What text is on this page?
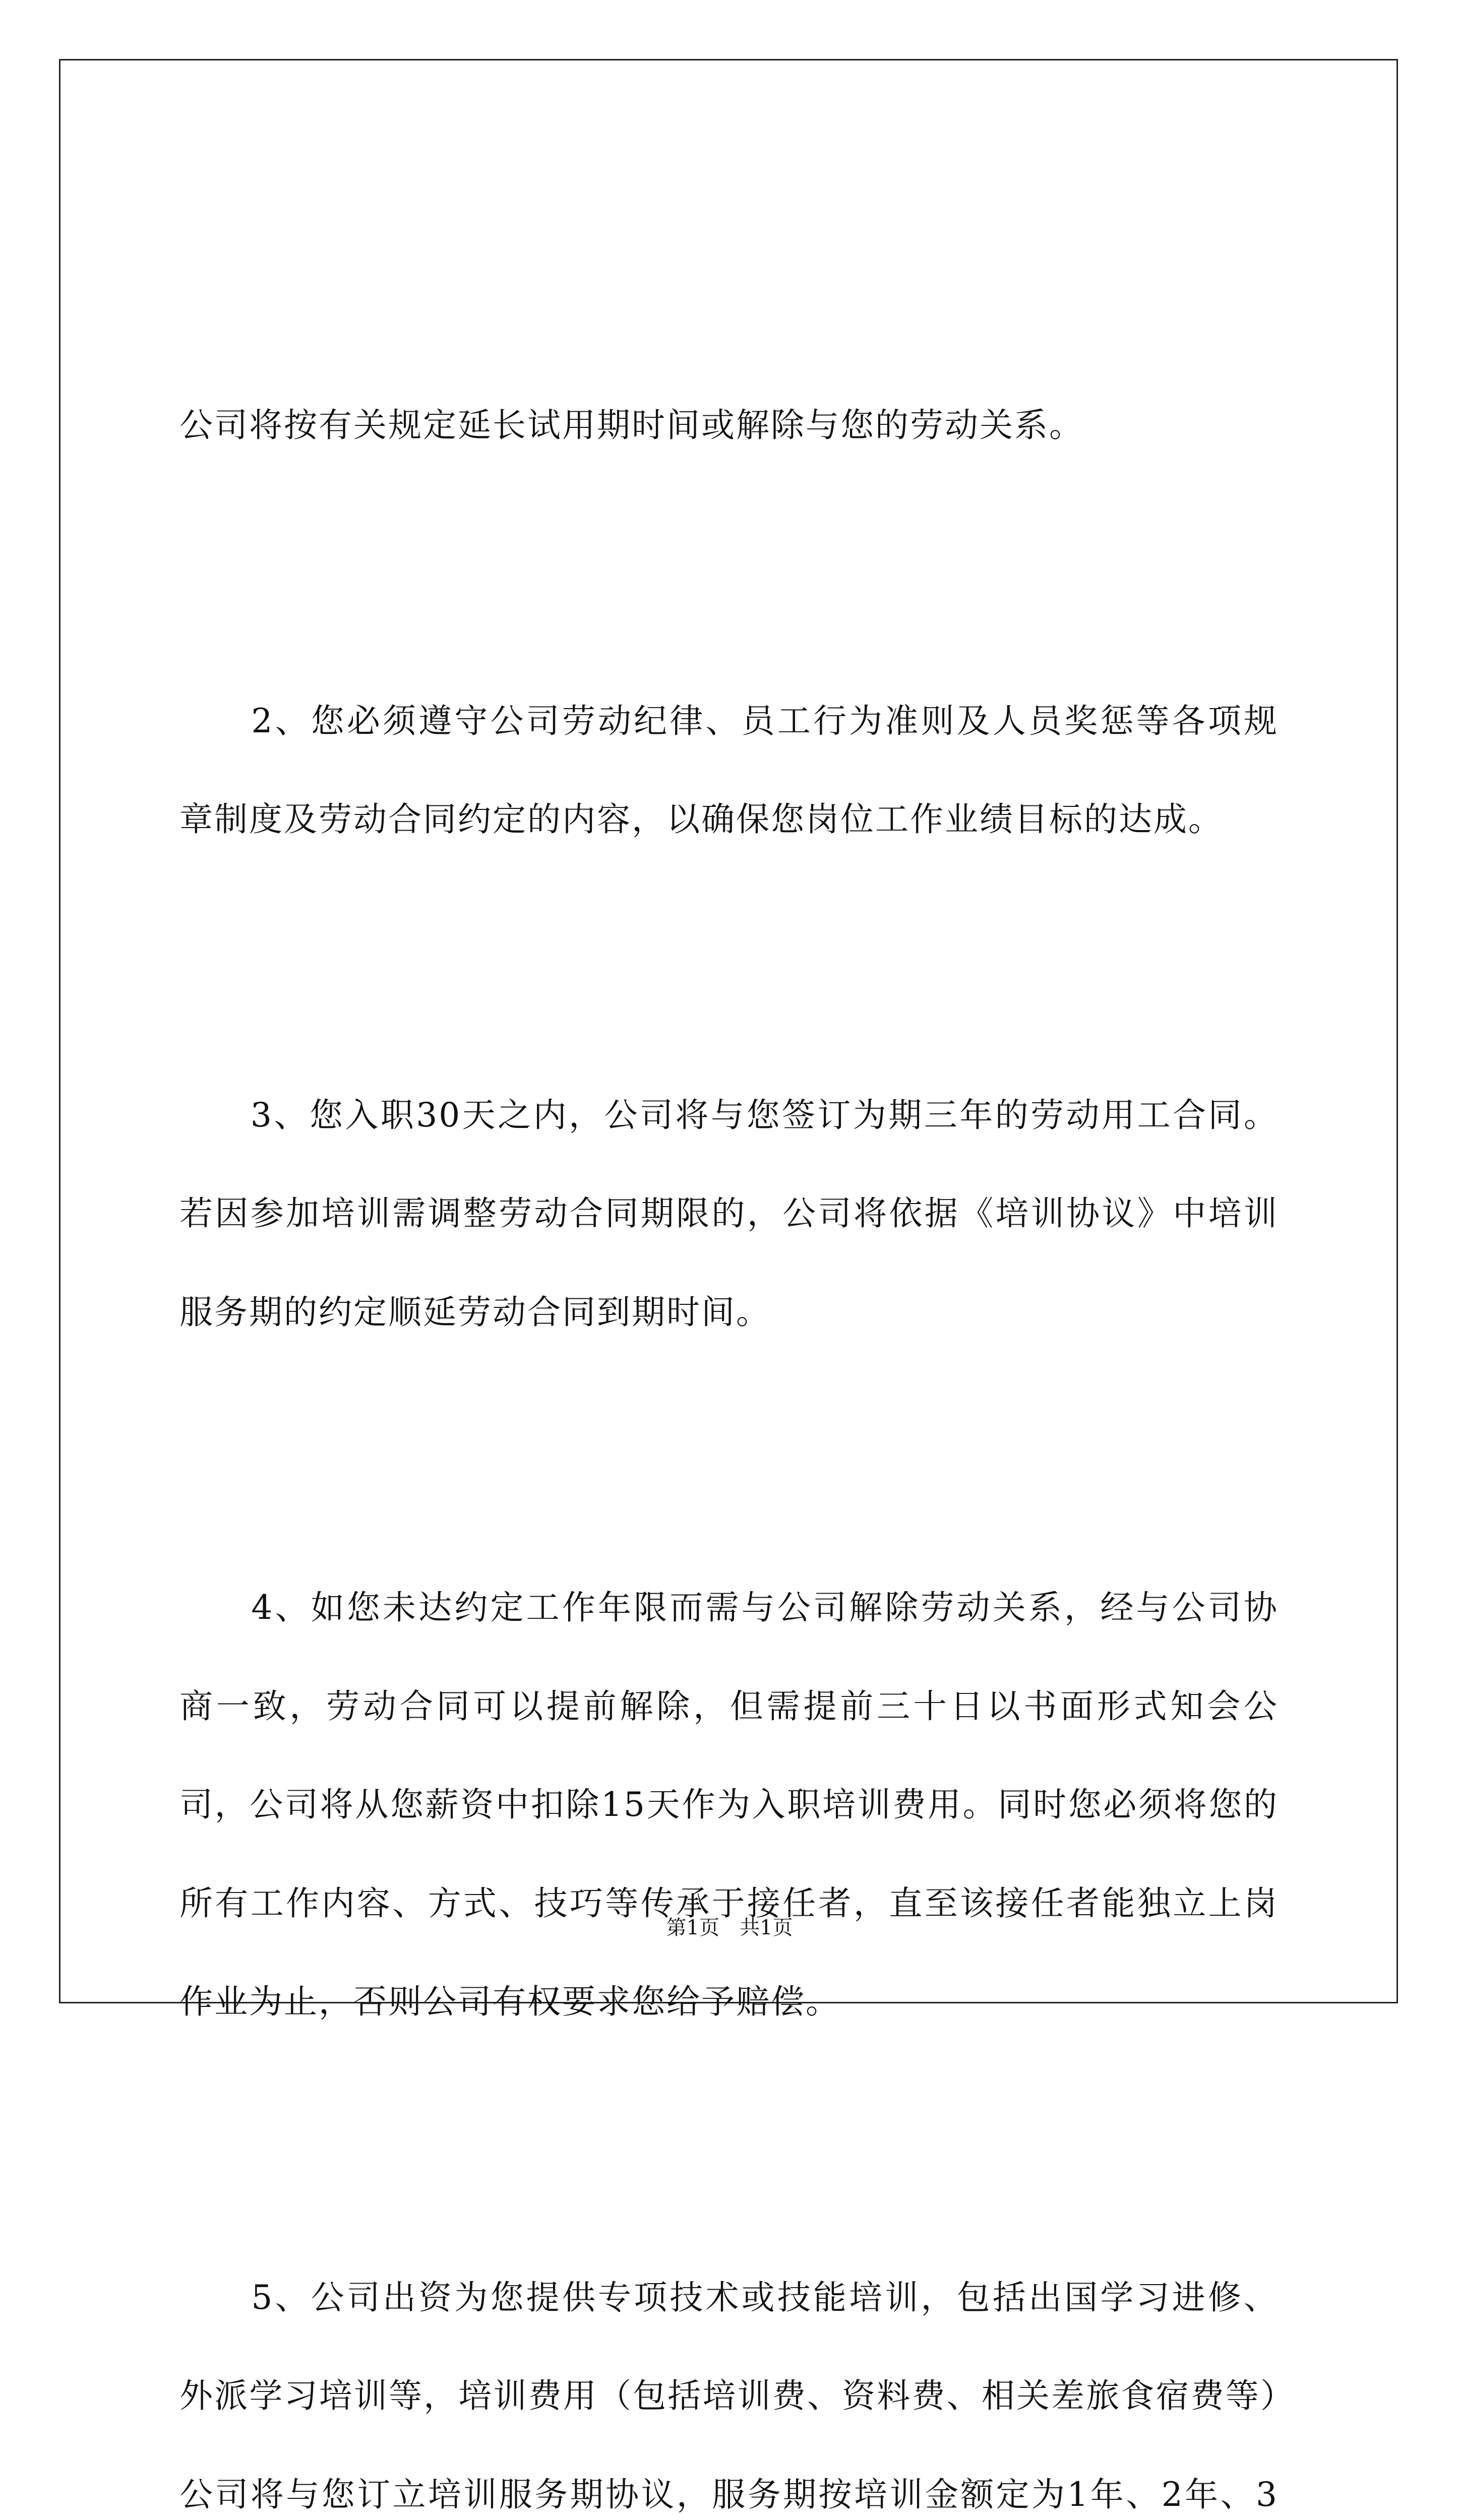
公司将按有关规定延长试用期时间或解除与您的劳动关系。

　　2、您必须遵守公司劳动纪律、员工行为准则及人员奖惩等各项规章制度及劳动合同约定的内容，以确保您岗位工作业绩目标的达成。

　　3、您入职30天之内，公司将与您签订为期三年的劳动用工合同。若因参加培训需调整劳动合同期限的，公司将依据《培训协议》中培训服务期的约定顺延劳动合同到期时间。

　　4、如您未达约定工作年限而需与公司解除劳动关系，经与公司协商一致，劳动合同可以提前解除，但需提前三十日以书面形式知会公司，公司将从您薪资中扣除15天作为入职培训费用。同时您必须将您的所有工作内容、方式、技巧等传承于接任者，直至该接任者能独立上岗作业为止，否则公司有权要求您给予赔偿。

　　5、公司出资为您提供专项技术或技能培训，包括出国学习进修、外派学习培训等，培训费用（包括培训费、资料费、相关差旅食宿费等）公司将与您订立培训服务期协议，服务期按培训金额定为1年、2年、3

第1页　共1页
